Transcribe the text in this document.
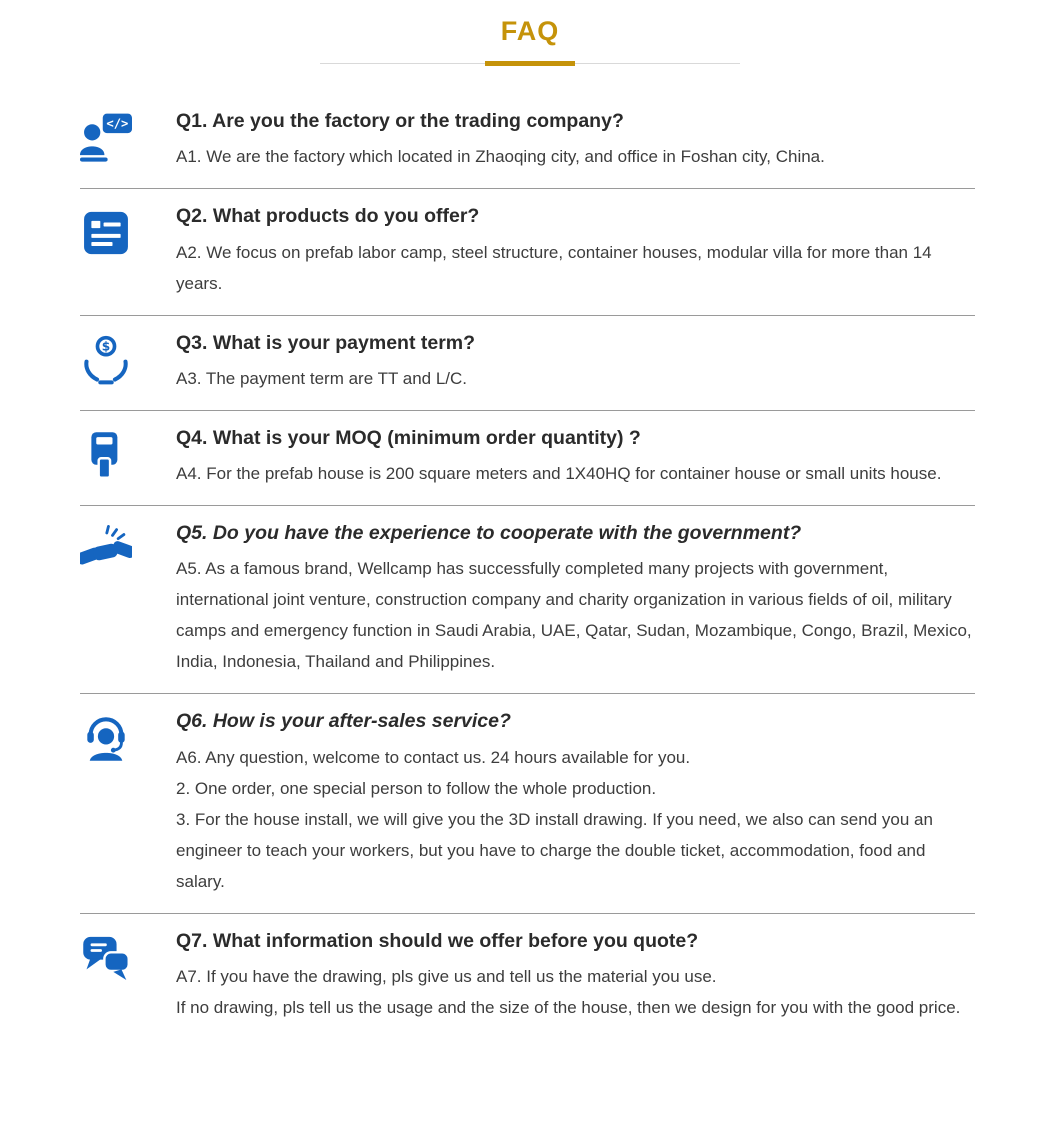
FAQ
</> Q1. Are you the factory or the trading company?

A1. We are the factory which located in Zhaoqing city, and office in Foshan city, China.

Q2. What products do you offer?

A2. We focus on prefab labor camp, steel structure, container houses, modular villa for more than 14 years.

$	Q3. What is your payment term?

A3. The payment term are TT and L/C.

Q4. What is your MOQ (minimum order quantity) ?

A4. For the prefab house is 200 square meters and 1X40HQ for container house or small units house.

Q5. Do you have the experience to cooperate with the government?

A5. As a famous brand, Wellcamp has successfully completed many projects with government, international joint venture, construction company and charity organization in various fields of oil, military camps and emergency function in Saudi Arabia, UAE, Qatar, Sudan, Mozambique, Congo, Brazil, Mexico, India, Indonesia, Thailand and Philippines.

Q6. How is your after-sales service?

A6. Any question, welcome to contact us. 24 hours available for you.

2. One order, one special person to follow the whole production.

3. For the house install, we will give you the 3D install drawing. If you need, we also can send you an engineer to teach your workers, but you have to charge the double ticket, accommodation, food and salary.

Q7. What information should we offer before you quote?

A7. If you have the drawing, pls give us and tell us the material you use.

If no drawing, pls tell us the usage and the size of the house, then we design for you with the good price.
